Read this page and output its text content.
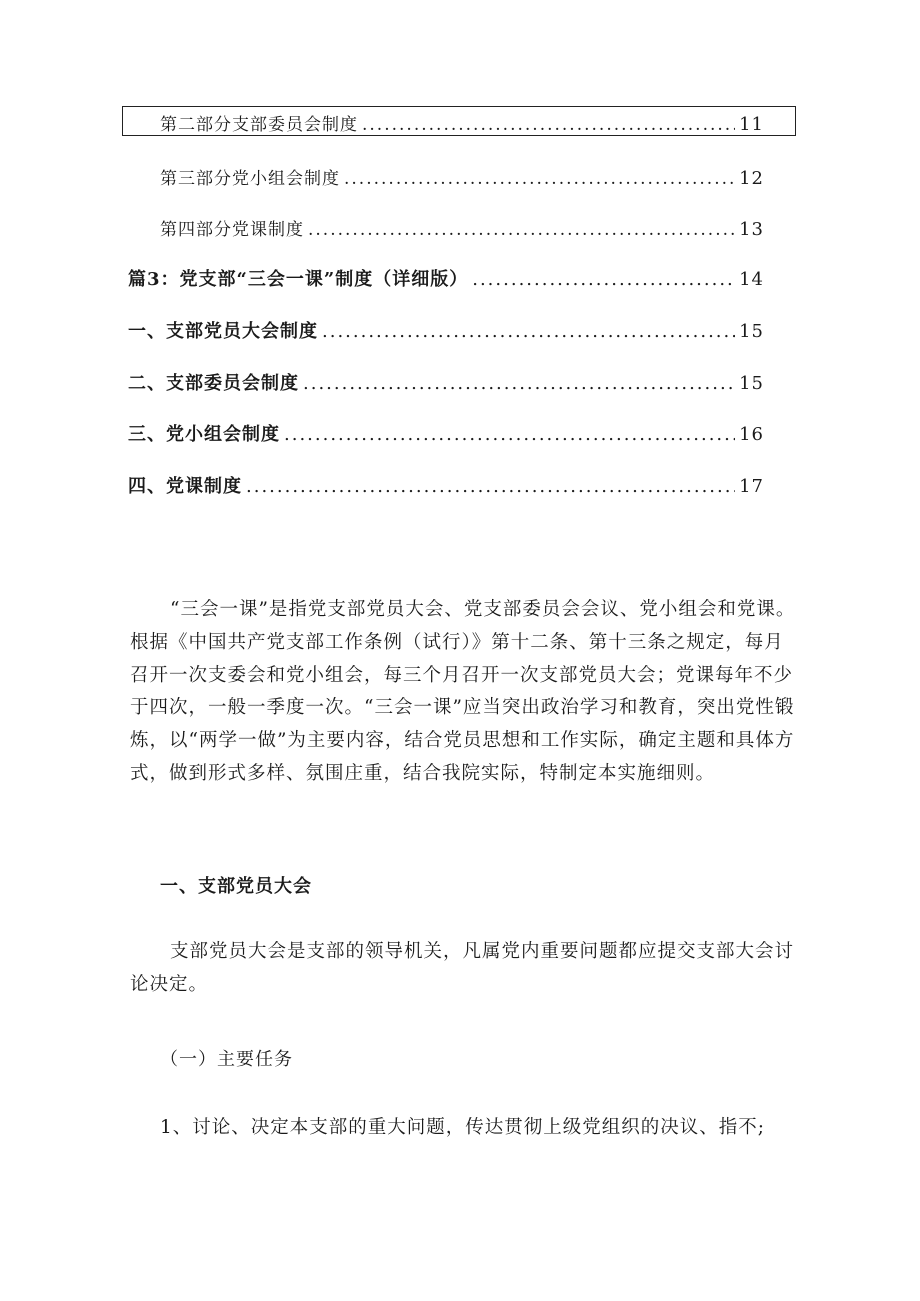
第二部分支部委员会制度 .....	11
第三部分党小组会制度 .....	12
第四部分党课制度 .....	13
篇3：党支部“三会一课”制度（详细版） .....	14
一、支部党员大会制度 .....	15
二、支部委员会制度 .....	15
三、党小组会制度 .....	16
四、党课制度 .....	17

“三会一课”是指党支部党员大会、党支部委员会会议、党小组会和党课。根据《中国共产党支部工作条例（试行）》第十二条、第十三条之规定，每月召开一次支委会和党小组会，每三个月召开一次支部党员大会；党课每年不少于四次，一般一季度一次。“三会一课”应当突出政治学习和教育，突出党性锻炼，以“两学一做”为主要内容，结合党员思想和工作实际，确定主题和具体方式，做到形式多样、氛围庄重，结合我院实际，特制定本实施细则。

一、支部党员大会

支部党员大会是支部的领导机关，凡属党内重要问题都应提交支部大会讨论决定。

（一）主要任务

1、讨论、决定本支部的重大问题，传达贯彻上级党组织的决议、指不;
